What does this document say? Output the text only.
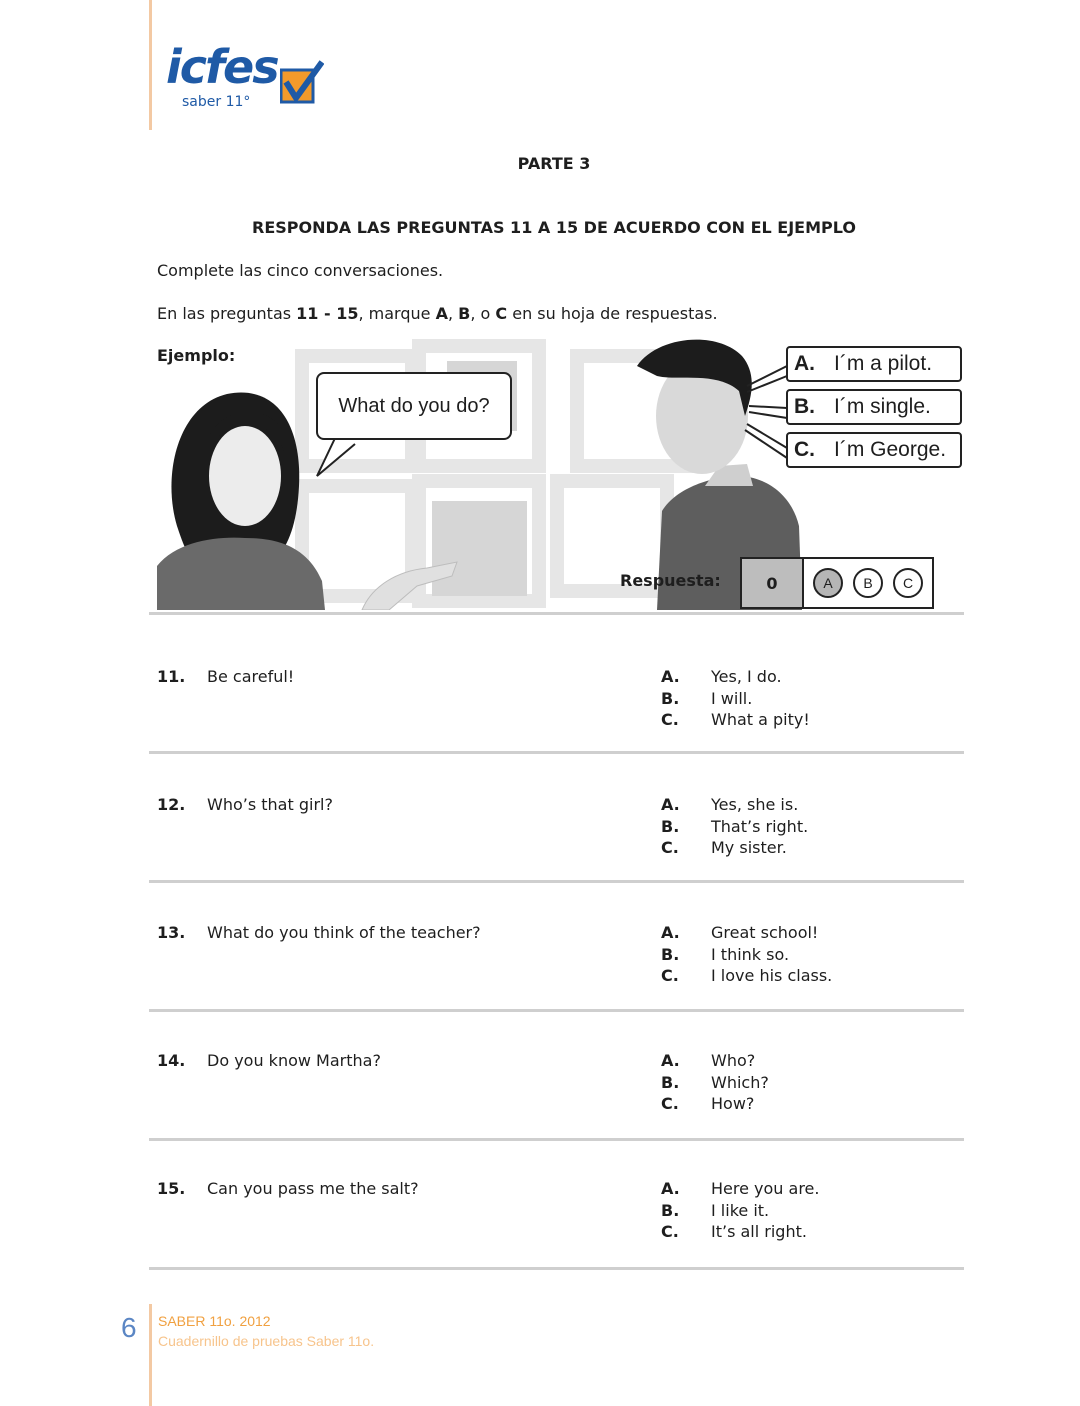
icfes
saber 11°
PARTE 3
RESPONDA LAS PREGUNTAS 11 A 15 DE ACUERDO CON EL EJEMPLO
Complete las cinco conversaciones.
En las preguntas 11 - 15, marque A, B, o C en su hoja de respuestas.
Ejemplo:
What do you do?
A. I´m a pilot.
B. I´m single.
C. I´m George.
Respuesta:	0	A	B	C
11. Be careful!	A. Yes, I do.
B. I will.
C. What a pity!
12. Who’s that girl?	A. Yes, she is.
B. That’s right.
C. My sister.
13. What do you think of the teacher?	A. Great school!
B. I think so.
C. I love his class.
14. Do you know Martha?	A. Who?
B. Which?
C. How?
15. Can you pass me the salt?	A. Here you are.
B. I like it.
C. It’s all right.
6 SABER 11o. 2012
Cuadernillo de pruebas Saber 11o.
